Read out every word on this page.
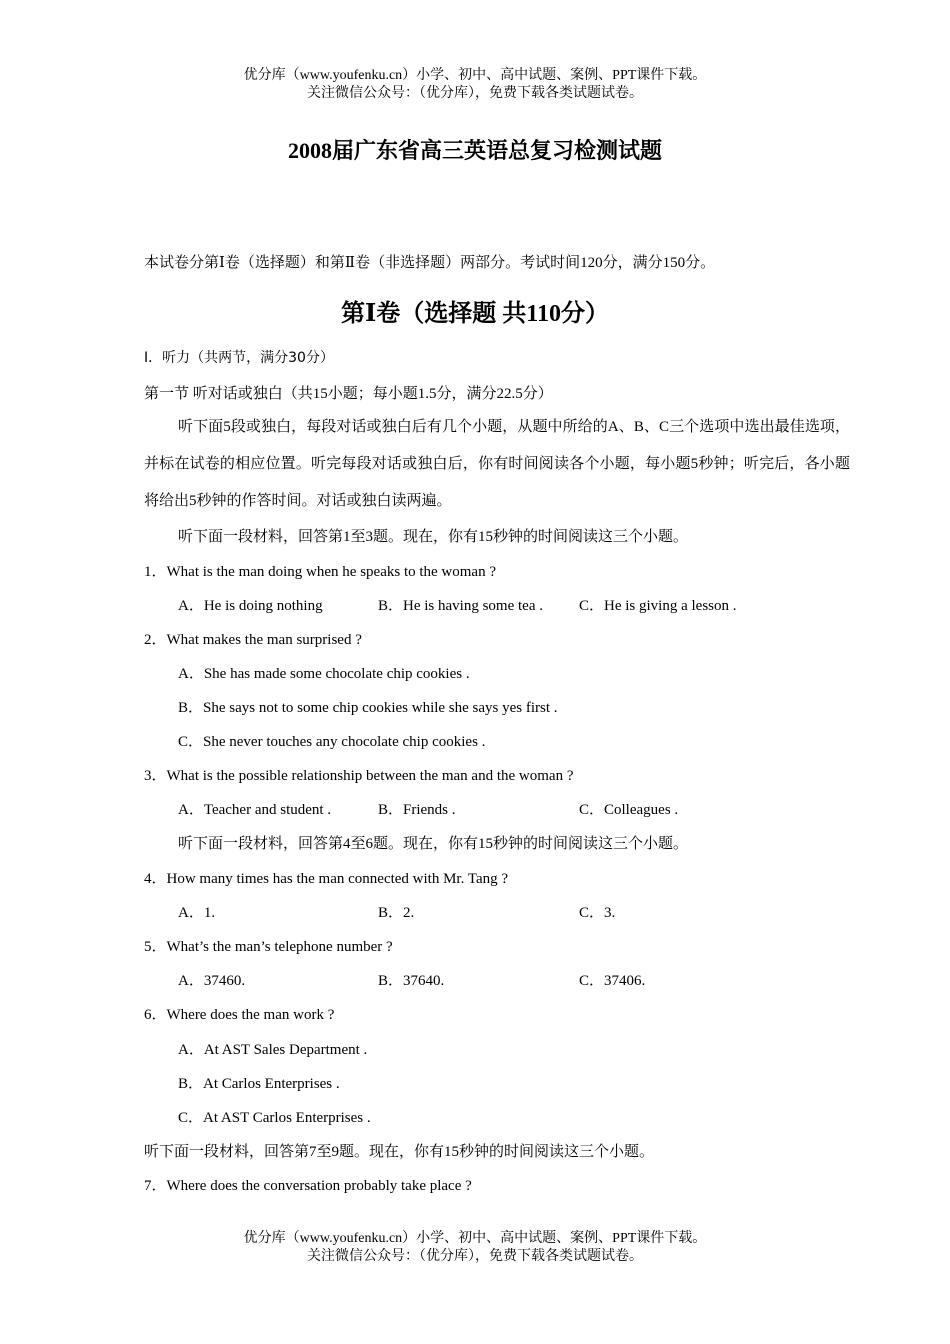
优分库（www.youfenku.cn）小学、初中、高中试题、案例、PPT课件下载。
关注微信公众号：（优分库），免费下载各类试题试卷。
2008届广东省高三英语总复习检测试题
本试卷分第Ⅰ卷（选择题）和第Ⅱ卷（非选择题）两部分。考试时间120分，满分150分。
第Ⅰ卷（选择题 共110分）
I．听力（共两节，满分30分）
第一节 听对话或独白（共15小题；每小题1.5分，满分22.5分）
听下面5段或独白，每段对话或独白后有几个小题，从题中所给的A、B、C三个选项中选出最佳选项，并标在试卷的相应位置。听完每段对话或独白后，你有时间阅读各个小题，每小题5秒钟；听完后，各小题将给出5秒钟的作答时间。对话或独白读两遍。
听下面一段材料，回答第1至3题。现在，你有15秒钟的时间阅读这三个小题。
1．What is the man doing when he speaks to the woman ?
A．He is doing nothing	B．He is having some tea . C．He is giving a lesson .
2．What makes the man surprised ?
A．She has made some chocolate chip cookies .
B．She says not to some chip cookies while she says yes first .
C．She never touches any chocolate chip cookies .
3．What is the possible relationship between the man and the woman ?
A．Teacher and student .	B．Friends .	C．Colleagues .
听下面一段材料，回答第4至6题。现在，你有15秒钟的时间阅读这三个小题。
4．How many times has the man connected with Mr. Tang ?
A．1.	B．2.	C．3.
5．What’s the man’s telephone number ?
A．37460.	B．37640.	C．37406.
6．Where does the man work ?
A．At AST Sales Department .
B．At Carlos Enterprises .
C．At AST Carlos Enterprises .
听下面一段材料，回答第7至9题。现在，你有15秒钟的时间阅读这三个小题。
7．Where does the conversation probably take place ?
优分库（www.youfenku.cn）小学、初中、高中试题、案例、PPT课件下载。
关注微信公众号：（优分库），免费下载各类试题试卷。
